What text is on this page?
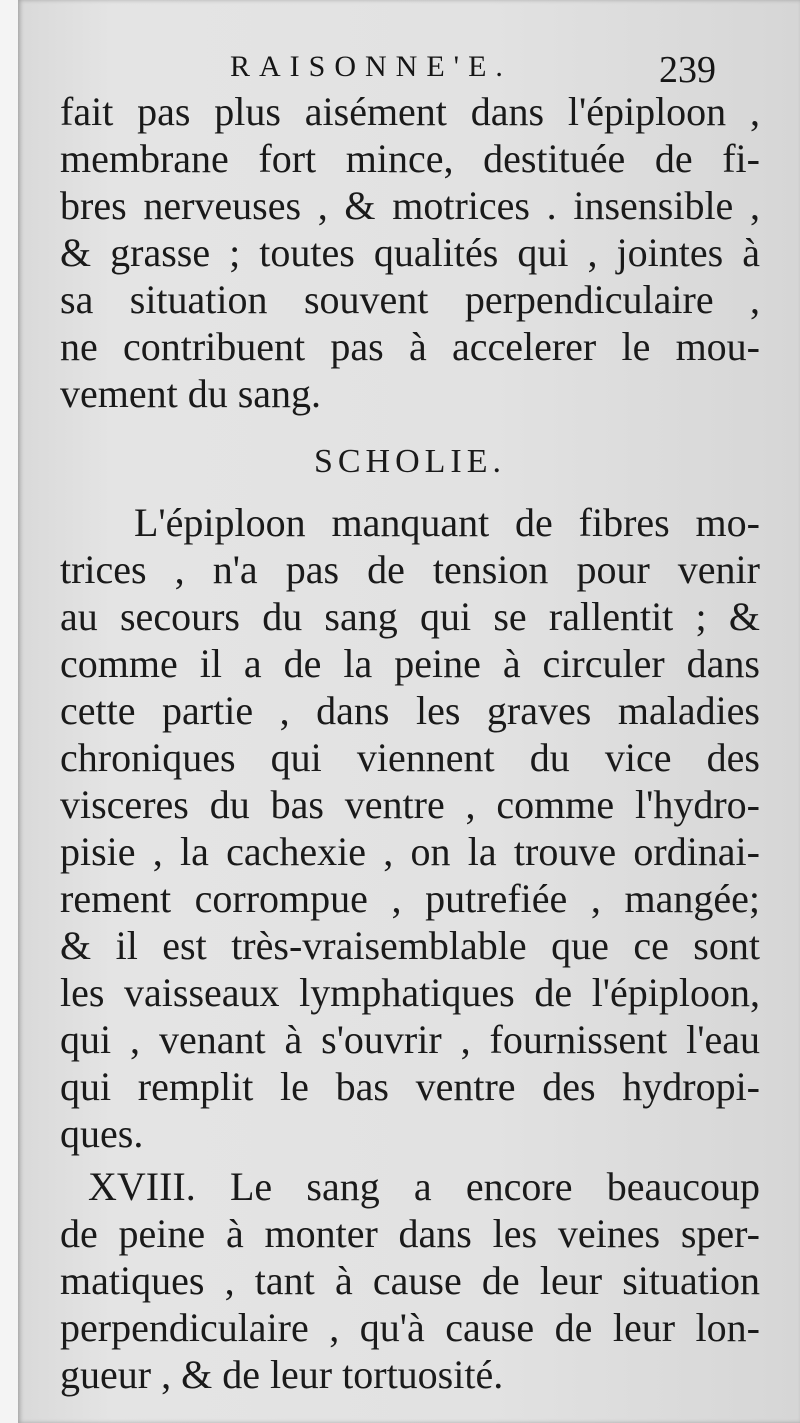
RAISONNE'E.	239
fait pas plus aisément dans l'épiploon ,
membrane fort mince, destituée de fi-
bres nerveuses , & motrices . insensible ,
& grasse ; toutes qualités qui , jointes à
sa situation souvent perpendiculaire ,
ne contribuent pas à accelerer le mou-
vement du sang.
SCHOLIE.
L'épiploon manquant de fibres mo-
trices , n'a pas de tension pour venir
au secours du sang qui se rallentit ; &
comme il a de la peine à circuler dans
cette partie , dans les graves maladies
chroniques qui viennent du vice des
visceres du bas ventre , comme l'hydro-
pisie , la cachexie , on la trouve ordinai-
rement corrompue , putrefiée , mangée;
& il est très-vraisemblable que ce sont
les vaisseaux lymphatiques de l'épiploon,
qui , venant à s'ouvrir , fournissent l'eau
qui remplit le bas ventre des hydropi-
ques.
XVIII. Le sang a encore beaucoup
de peine à monter dans les veines sper-
matiques , tant à cause de leur situation
perpendiculaire , qu'à cause de leur lon-
gueur , & de leur tortuosité.
